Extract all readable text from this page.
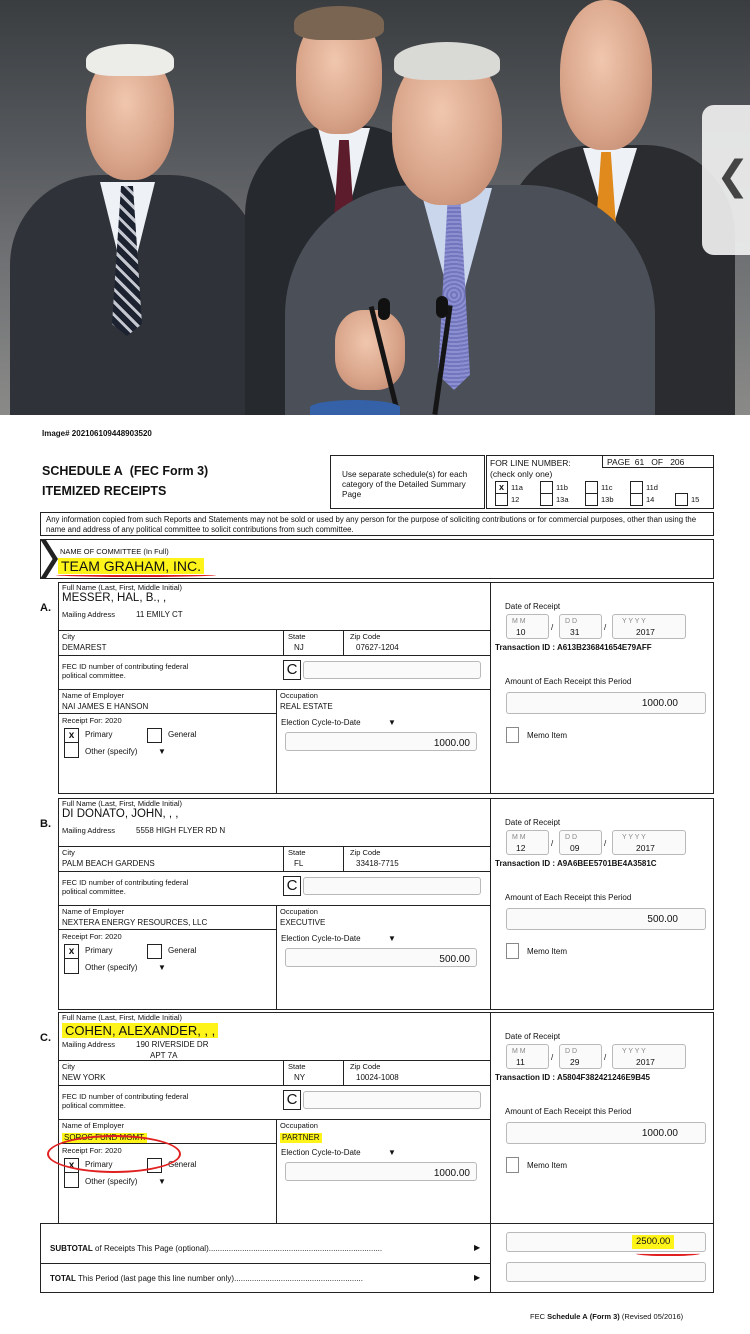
❮
Image# 202106109448903520
SCHEDULE A (FEC Form 3)
ITEMIZED RECEIPTS
Use separate schedule(s) for each category of the Detailed Summary Page
FOR LINE NUMBER:
(check only one)
PAGE 61 OF 206
x 11a	11b	11c	11d
12	13a	13b	14	15
Any information copied from such Reports and Statements may not be sold or used by any person for the purpose of soliciting contributions or for commercial purposes, other than using the name and address of any political committee to solicit contributions from such committee.
NAME OF COMMITTEE (In Full)
TEAM GRAHAM, INC.
A.
Full Name (Last, First, Middle Initial)
MESSER, HAL, B., ,
Mailing Address	11 EMILY CT
City
DEMAREST
State
NJ
Zip Code
07627-1204
FEC ID number of contributing federal political committee.	C
Name of Employer
NAI JAMES E HANSON
Occupation
REAL ESTATE
Receipt For: 2020
x	Primary	General
Other (specify)	▼
Election Cycle-to-Date	▼
1000.00
Date of Receipt
M M	D D	Y Y Y Y
10	31	2017
/	/
Transaction ID : A613B236841654E79AFF
Amount of Each Receipt this Period
1000.00
Memo Item
B.
Full Name (Last, First, Middle Initial)
DI DONATO, JOHN, , ,
Mailing Address	5558 HIGH FLYER RD N
City
PALM BEACH GARDENS
State
FL
Zip Code
33418-7715
FEC ID number of contributing federal political committee.	C
Name of Employer
NEXTERA ENERGY RESOURCES, LLC
Occupation
EXECUTIVE
Receipt For: 2020
x	Primary	General
Other (specify)	▼
Election Cycle-to-Date	▼
500.00
Date of Receipt
M M	D D	Y Y Y Y
12	09	2017
/	/
Transaction ID : A9A6BEE5701BE4A3581C
Amount of Each Receipt this Period
500.00
Memo Item
C.
Full Name (Last, First, Middle Initial)
COHEN, ALEXANDER, , ,
Mailing Address	190 RIVERSIDE DR
APT 7A
City
NEW YORK
State
NY
Zip Code
10024-1008
FEC ID number of contributing federal political committee.	C
Name of Employer
SOROS FUND MGMT.
Occupation
PARTNER
Receipt For: 2020
x	Primary	General
Other (specify)	▼
Election Cycle-to-Date	▼
1000.00
Date of Receipt
M M	D D	Y Y Y Y
11	29	2017
/	/
Transaction ID : A5804F382421246E9B45
Amount of Each Receipt this Period
1000.00
Memo Item
SUBTOTAL of Receipts This Page (optional)..............................................................................	▶
2500.00
TOTAL This Period (last page this line number only)..........................................................	▶
FEC Schedule A (Form 3) (Revised 05/2016)
